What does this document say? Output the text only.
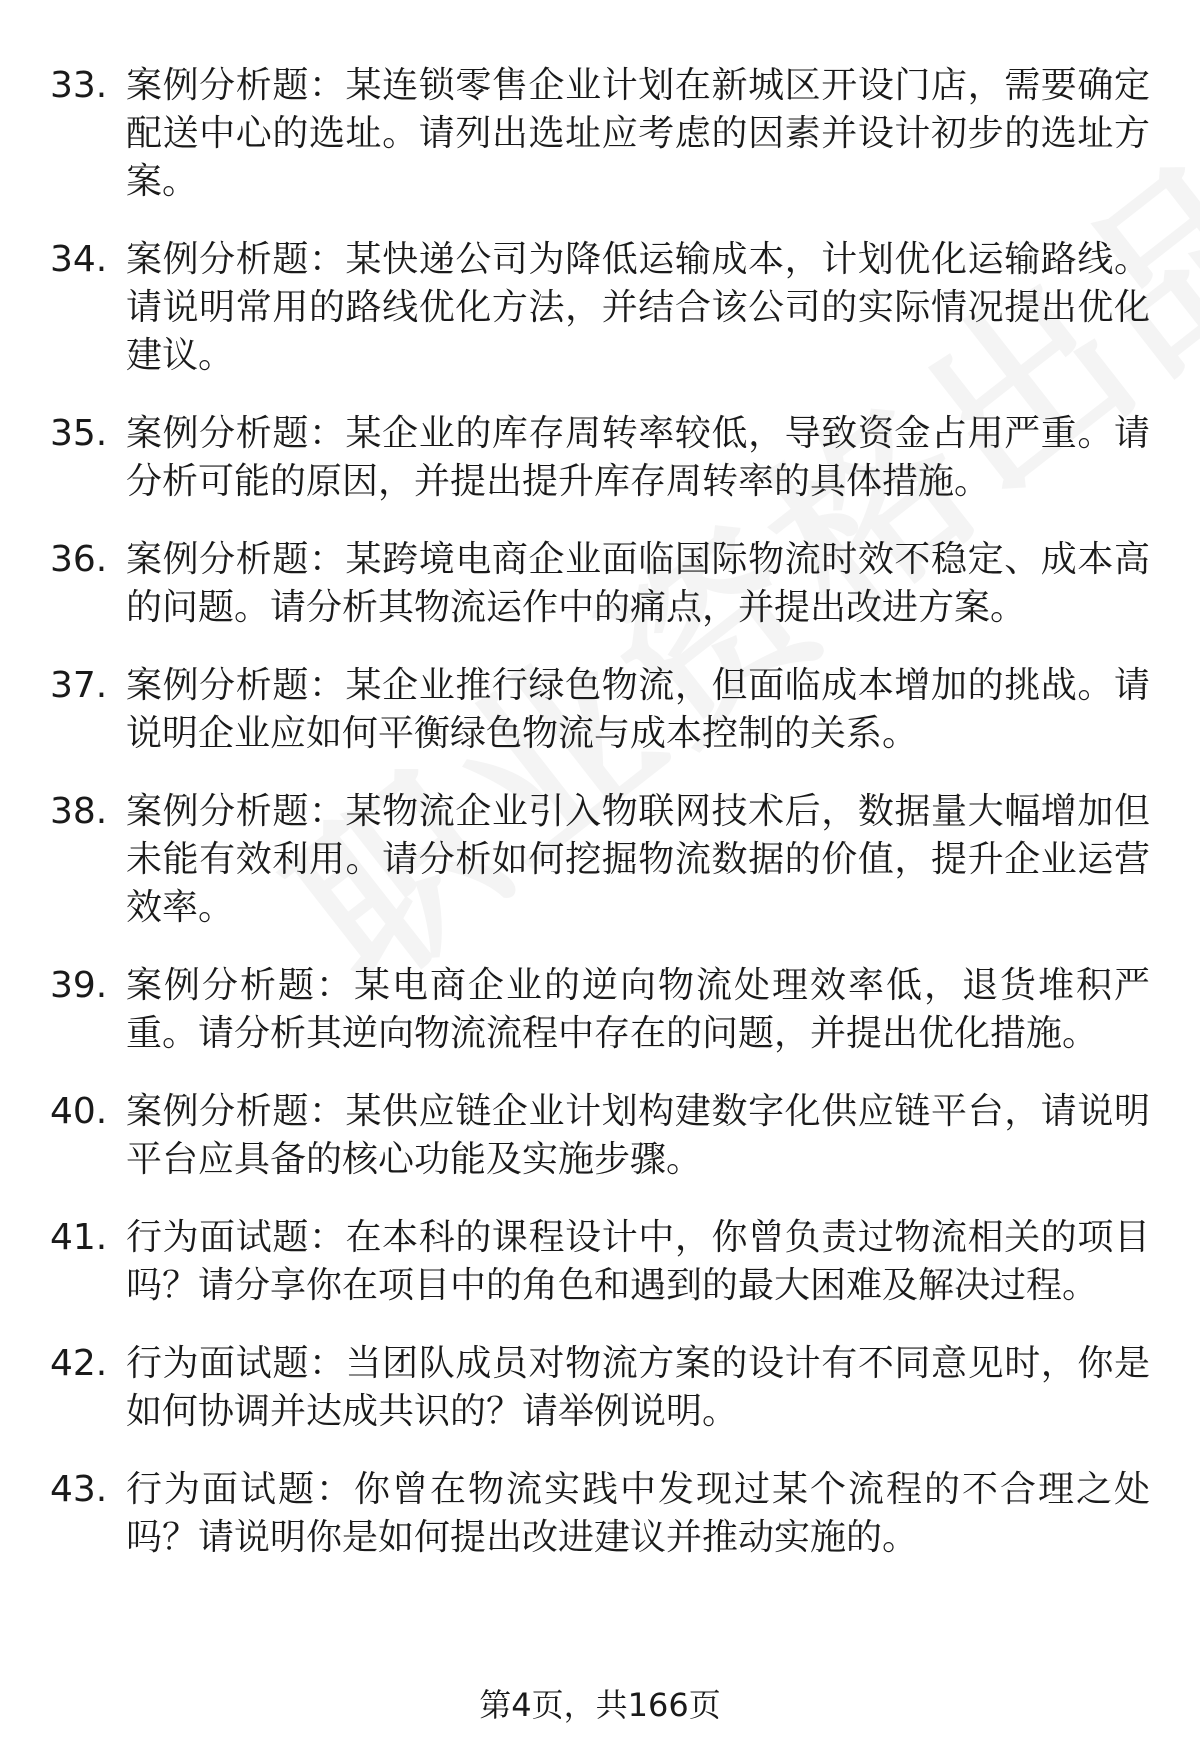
33. 案例分析题：某连锁零售企业计划在新城区开设门店，需要确定配送中心的选址。请列出选址应考虑的因素并设计初步的选址方案。
34. 案例分析题：某快递公司为降低运输成本，计划优化运输路线。请说明常用的路线优化方法，并结合该公司的实际情况提出优化建议。
35. 案例分析题：某企业的库存周转率较低，导致资金占用严重。请分析可能的原因，并提出提升库存周转率的具体措施。
36. 案例分析题：某跨境电商企业面临国际物流时效不稳定、成本高的问题。请分析其物流运作中的痛点，并提出改进方案。
37. 案例分析题：某企业推行绿色物流，但面临成本增加的挑战。请说明企业应如何平衡绿色物流与成本控制的关系。
38. 案例分析题：某物流企业引入物联网技术后，数据量大幅增加但未能有效利用。请分析如何挖掘物流数据的价值，提升企业运营效率。
39. 案例分析题：某电商企业的逆向物流处理效率低，退货堆积严重。请分析其逆向物流流程中存在的问题，并提出优化措施。
40. 案例分析题：某供应链企业计划构建数字化供应链平台，请说明平台应具备的核心功能及实施步骤。
41. 行为面试题：在本科的课程设计中，你曾负责过物流相关的项目吗？请分享你在项目中的角色和遇到的最大困难及解决过程。
42. 行为面试题：当团队成员对物流方案的设计有不同意见时，你是如何协调并达成共识的？请举例说明。
43. 行为面试题：你曾在物流实践中发现过某个流程的不合理之处吗？请说明你是如何提出改进建议并推动实施的。
第4页，共166页
